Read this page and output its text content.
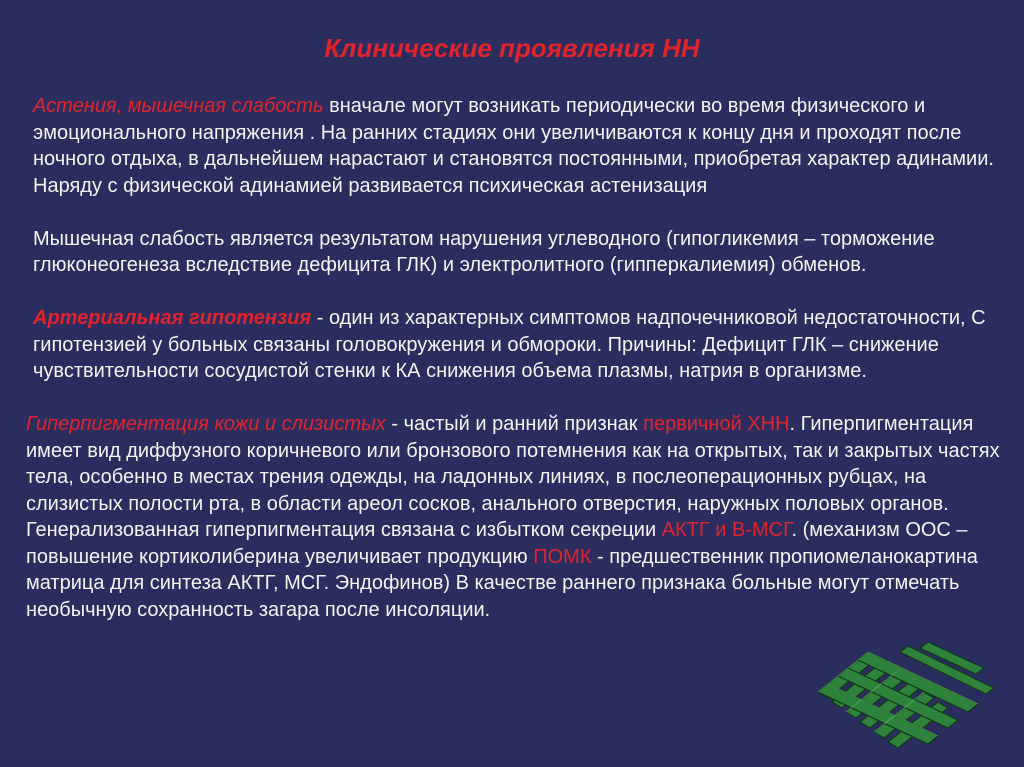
Клинические проявления НН

Астения, мышечная слабость вначале могут возникать периодически во время физического и эмоционального напряжения . На ранних стадиях они увеличиваются к концу дня и проходят после ночного отдыха, в дальнейшем нарастают и становятся постоянными, приобретая характер адинамии. Наряду с физической адинамией развивается психическая астенизация

Мышечная слабость является результатом нарушения углеводного (гипогликемия – торможение глюконеогенеза вследствие дефицита ГЛК) и электролитного (гипперкалиемия) обменов.

Артериальная гипотензия - один из характерных симптомов надпочечниковой недостаточности, С гипотензией у больных связаны головокружения и обмороки. Причины: Дефицит ГЛК – снижение чувствительности сосудистой стенки к КА снижения объема плазмы, натрия в организме.

Гиперпигментация кожи и слизистых - частый и ранний признак первичной ХНН. Гиперпигментация имеет вид диффузного коричневого или бронзового потемнения как на открытых, так и закрытых частях тела, особенно в местах трения одежды, на ладонных линиях, в послеоперационных рубцах, на слизистых полости рта, в области ареол сосков, анального отверстия, наружных половых органов. Генерализованная гиперпигментация связана с избытком секреции АКТГ и В-МСГ. (механизм ООС – повышение кортиколиберина увеличивает продукцию ПОМК - предшественник пропиомеланокартина матрица для синтеза АКТГ, МСГ. Эндофинов) В качестве раннего признака больные могут отмечать необычную сохранность загара после инсоляции.
